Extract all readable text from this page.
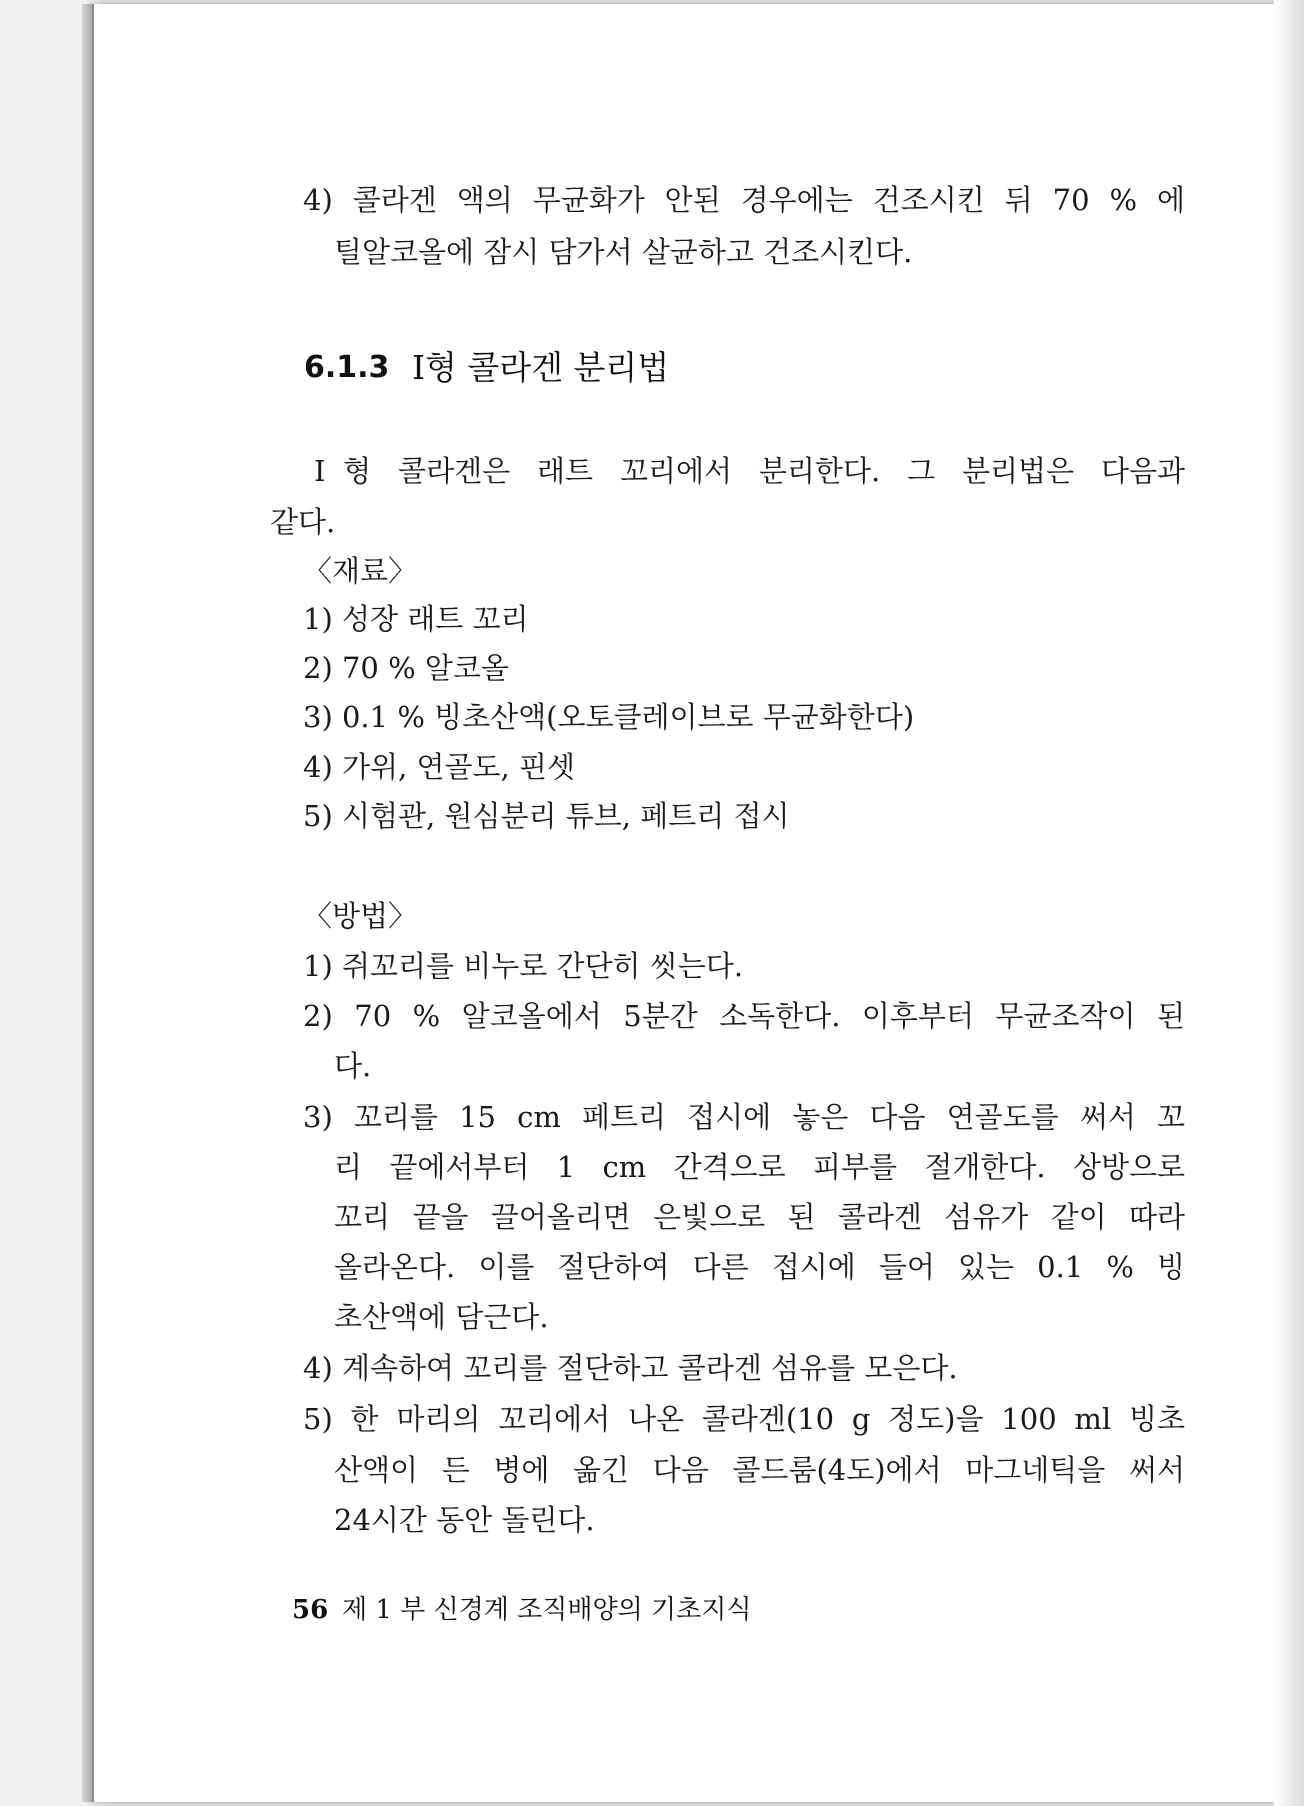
4) 콜라겐 액의 무균화가 안된 경우에는 건조시킨 뒤 70 % 에
틸알코올에 잠시 담가서 살균하고 건조시킨다.
6.1.3 Ⅰ형 콜라겐 분리법
Ⅰ형 콜라겐은 래트 꼬리에서 분리한다. 그 분리법은 다음과
같다.
〈재료〉
1) 성장 래트 꼬리
2) 70 % 알코올
3) 0.1 % 빙초산액(오토클레이브로 무균화한다)
4) 가위, 연골도, 핀셋
5) 시험관, 원심분리 튜브, 페트리 접시
〈방법〉
1) 쥐꼬리를 비누로 간단히 씻는다.
2) 70 % 알코올에서 5분간 소독한다. 이후부터 무균조작이 된
다.
3) 꼬리를 15 cm 페트리 접시에 놓은 다음 연골도를 써서 꼬
리 끝에서부터 1 cm 간격으로 피부를 절개한다. 상방으로
꼬리 끝을 끌어올리면 은빛으로 된 콜라겐 섬유가 같이 따라
올라온다. 이를 절단하여 다른 접시에 들어 있는 0.1 % 빙
초산액에 담근다.
4) 계속하여 꼬리를 절단하고 콜라겐 섬유를 모은다.
5) 한 마리의 꼬리에서 나온 콜라겐(10 g 정도)을 100 ml 빙초
산액이 든 병에 옮긴 다음 콜드룸(4도)에서 마그네틱을 써서
24시간 동안 돌린다.
56 제 1 부 신경계 조직배양의 기초지식
